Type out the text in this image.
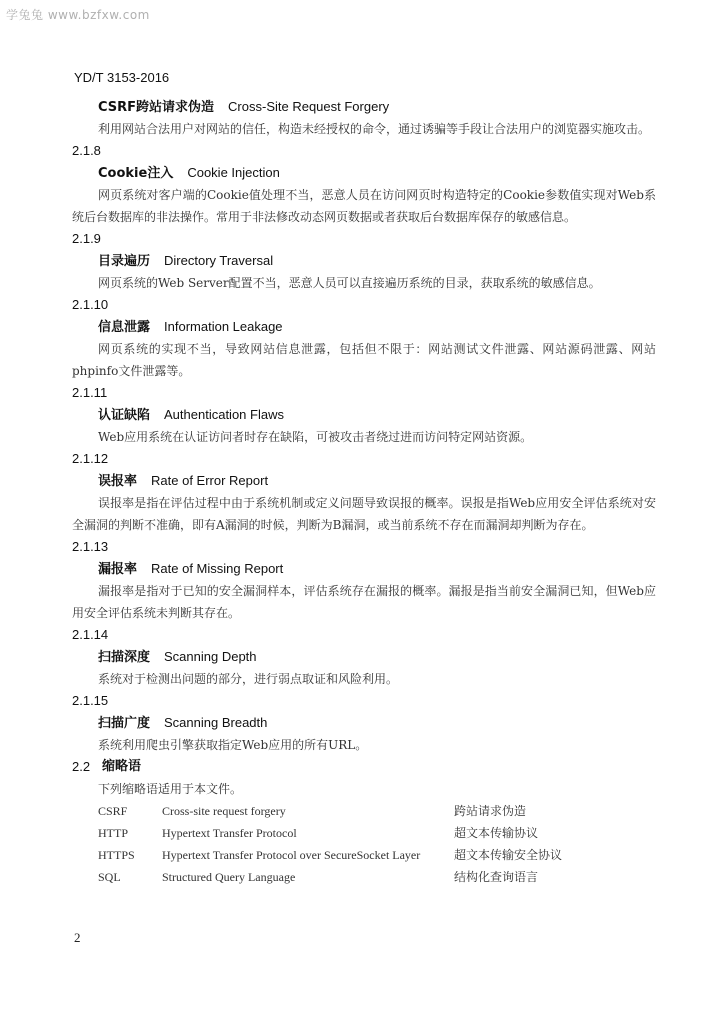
学兔兔 www.bzfxw.com
YD/T 3153-2016
CSRF跨站请求伪造 Cross-Site Request Forgery

利用网站合法用户对网站的信任，构造未经授权的命令，通过诱骗等手段让合法用户的浏览器实施攻击。

2.1.8
Cookie注入 Cookie Injection

网页系统对客户端的Cookie值处理不当，恶意人员在访问网页时构造特定的Cookie参数值实现对Web系统后台数据库的非法操作。常用于非法修改动态网页数据或者获取后台数据库保存的敏感信息。

2.1.9
目录遍历 Directory Traversal

网页系统的Web Server配置不当，恶意人员可以直接遍历系统的目录，获取系统的敏感信息。

2.1.10
信息泄露 Information Leakage

网页系统的实现不当，导致网站信息泄露，包括但不限于：网站测试文件泄露、网站源码泄露、网站phpinfo文件泄露等。

2.1.11
认证缺陷 Authentication Flaws

Web应用系统在认证访问者时存在缺陷，可被攻击者绕过进而访问特定网站资源。

2.1.12
误报率 Rate of Error Report

误报率是指在评估过程中由于系统机制或定义问题导致误报的概率。误报是指Web应用安全评估系统对安全漏洞的判断不准确，即有A漏洞的时候，判断为B漏洞，或当前系统不存在而漏洞却判断为存在。

2.1.13
漏报率 Rate of Missing Report

漏报率是指对于已知的安全漏洞样本，评估系统存在漏报的概率。漏报是指当前安全漏洞已知，但Web应用安全评估系统未判断其存在。

2.1.14
扫描深度 Scanning Depth

系统对于检测出问题的部分，进行弱点取证和风险利用。

2.1.15
扫描广度 Scanning Breadth

系统利用爬虫引擎获取指定Web应用的所有URL。

2.2 缩略语

下列缩略语适用于本文件。

CSRF	Cross-site request forgery	跨站请求伪造
HTTP	Hypertext Transfer Protocol	超文本传输协议
HTTPS	Hypertext Transfer Protocol over SecureSocket Layer	超文本传输安全协议
SQL	Structured Query Language	结构化查询语言
2
